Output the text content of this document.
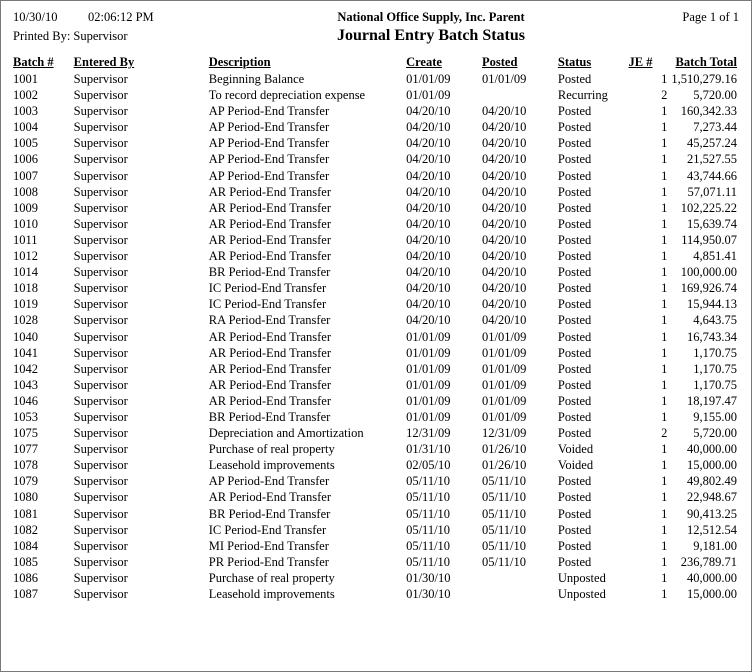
10/30/10	02:06:12 PM	National Office Supply, Inc. Parent	Page 1 of 1
Printed By: Supervisor	Journal Entry Batch Status
Batch #	Entered By	Description	Create	Posted	Status	JE #	Batch Total
1001	Supervisor	Beginning Balance	01/01/09	01/01/09	Posted	1	1,510,279.16
1002	Supervisor	To record depreciation expense	01/01/09		Recurring	2	5,720.00
1003	Supervisor	AP Period-End Transfer	04/20/10	04/20/10	Posted	1	160,342.33
1004	Supervisor	AP Period-End Transfer	04/20/10	04/20/10	Posted	1	7,273.44
1005	Supervisor	AP Period-End Transfer	04/20/10	04/20/10	Posted	1	45,257.24
1006	Supervisor	AP Period-End Transfer	04/20/10	04/20/10	Posted	1	21,527.55
1007	Supervisor	AP Period-End Transfer	04/20/10	04/20/10	Posted	1	43,744.66
1008	Supervisor	AR Period-End Transfer	04/20/10	04/20/10	Posted	1	57,071.11
1009	Supervisor	AR Period-End Transfer	04/20/10	04/20/10	Posted	1	102,225.22
1010	Supervisor	AR Period-End Transfer	04/20/10	04/20/10	Posted	1	15,639.74
1011	Supervisor	AR Period-End Transfer	04/20/10	04/20/10	Posted	1	114,950.07
1012	Supervisor	AR Period-End Transfer	04/20/10	04/20/10	Posted	1	4,851.41
1014	Supervisor	BR Period-End Transfer	04/20/10	04/20/10	Posted	1	100,000.00
1018	Supervisor	IC Period-End Transfer	04/20/10	04/20/10	Posted	1	169,926.74
1019	Supervisor	IC Period-End Transfer	04/20/10	04/20/10	Posted	1	15,944.13
1028	Supervisor	RA Period-End Transfer	04/20/10	04/20/10	Posted	1	4,643.75
1040	Supervisor	AR Period-End Transfer	01/01/09	01/01/09	Posted	1	16,743.34
1041	Supervisor	AR Period-End Transfer	01/01/09	01/01/09	Posted	1	1,170.75
1042	Supervisor	AR Period-End Transfer	01/01/09	01/01/09	Posted	1	1,170.75
1043	Supervisor	AR Period-End Transfer	01/01/09	01/01/09	Posted	1	1,170.75
1046	Supervisor	AR Period-End Transfer	01/01/09	01/01/09	Posted	1	18,197.47
1053	Supervisor	BR Period-End Transfer	01/01/09	01/01/09	Posted	1	9,155.00
1075	Supervisor	Depreciation and Amortization	12/31/09	12/31/09	Posted	2	5,720.00
1077	Supervisor	Purchase of real property	01/31/10	01/26/10	Voided	1	40,000.00
1078	Supervisor	Leasehold improvements	02/05/10	01/26/10	Voided	1	15,000.00
1079	Supervisor	AP Period-End Transfer	05/11/10	05/11/10	Posted	1	49,802.49
1080	Supervisor	AR Period-End Transfer	05/11/10	05/11/10	Posted	1	22,948.67
1081	Supervisor	BR Period-End Transfer	05/11/10	05/11/10	Posted	1	90,413.25
1082	Supervisor	IC Period-End Transfer	05/11/10	05/11/10	Posted	1	12,512.54
1084	Supervisor	MI Period-End Transfer	05/11/10	05/11/10	Posted	1	9,181.00
1085	Supervisor	PR Period-End Transfer	05/11/10	05/11/10	Posted	1	236,789.71
1086	Supervisor	Purchase of real property	01/30/10		Unposted	1	40,000.00
1087	Supervisor	Leasehold improvements	01/30/10		Unposted	1	15,000.00
